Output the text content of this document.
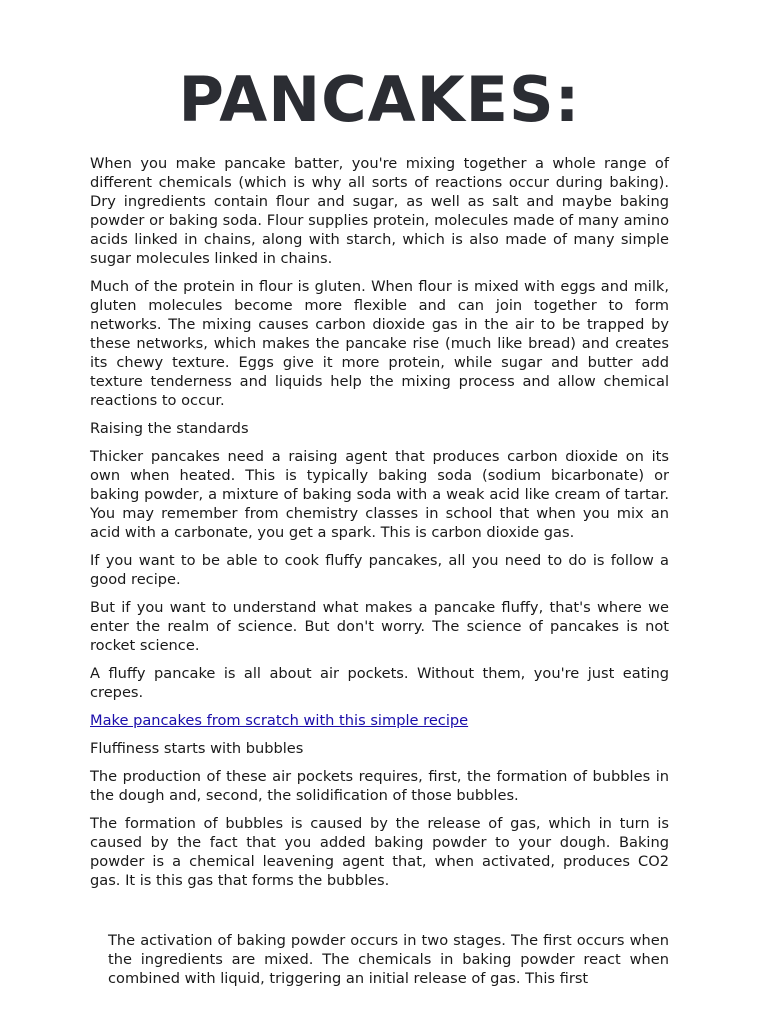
PANCAKES:

When you make pancake batter, you're mixing together a whole range of different chemicals (which is why all sorts of reactions occur during baking). Dry ingredients contain flour and sugar, as well as salt and maybe baking powder or baking soda. Flour supplies protein, molecules made of many amino acids linked in chains, along with starch, which is also made of many simple sugar molecules linked in chains.

Much of the protein in flour is gluten. When flour is mixed with eggs and milk, gluten molecules become more flexible and can join together to form networks. The mixing causes carbon dioxide gas in the air to be trapped by these networks, which makes the pancake rise (much like bread) and creates its chewy texture. Eggs give it more protein, while sugar and butter add texture tenderness and liquids help the mixing process and allow chemical reactions to occur.

Raising the standards

Thicker pancakes need a raising agent that produces carbon dioxide on its own when heated. This is typically baking soda (sodium bicarbonate) or baking powder, a mixture of baking soda with a weak acid like cream of tartar. You may remember from chemistry classes in school that when you mix an acid with a carbonate, you get a spark. This is carbon dioxide gas.

If you want to be able to cook fluffy pancakes, all you need to do is follow a good recipe.

But if you want to understand what makes a pancake fluffy, that's where we enter the realm of science. But don't worry. The science of pancakes is not rocket science.

A fluffy pancake is all about air pockets. Without them, you're just eating crepes.

Make pancakes from scratch with this simple recipe

Fluffiness starts with bubbles

The production of these air pockets requires, first, the formation of bubbles in the dough and, second, the solidification of those bubbles.

The formation of bubbles is caused by the release of gas, which in turn is caused by the fact that you added baking powder to your dough. Baking powder is a chemical leavening agent that, when activated, produces CO2 gas. It is this gas that forms the bubbles.

The activation of baking powder occurs in two stages. The first occurs when the ingredients are mixed. The chemicals in baking powder react when combined with liquid, triggering an initial release of gas. This first
